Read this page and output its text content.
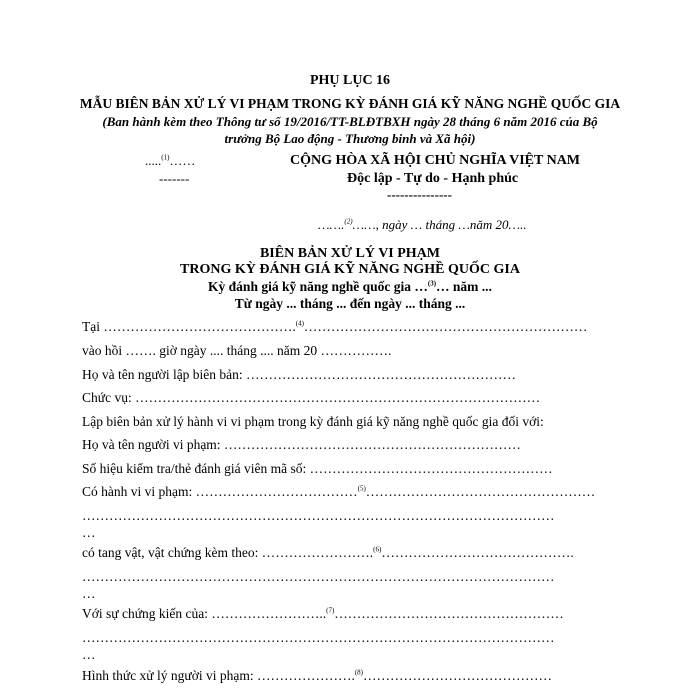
PHỤ LỤC 16
MẪU BIÊN BẢN XỬ LÝ VI PHẠM TRONG KỲ ĐÁNH GIÁ KỸ NĂNG NGHỀ QUỐC GIA
(Ban hành kèm theo Thông tư số 19/2016/TT-BLĐTBXH ngày 28 tháng 6 năm 2016 của Bộ
trưởng Bộ Lao động - Thương binh và Xã hội)
.....$^{(1)}$……
-------
CỘNG HÒA XÃ HỘI CHỦ NGHĨA VIỆT NAM
Độc lập - Tự do - Hạnh phúc
---------------
…….$^{(2)}$……, ngày … tháng …năm 20…..
BIÊN BẢN XỬ LÝ VI PHẠM
TRONG KỲ ĐÁNH GIÁ KỸ NĂNG NGHỀ QUỐC GIA
Kỳ đánh giá kỹ năng nghề quốc gia …$^{(3)}$… năm ...
Từ ngày ... tháng ... đến ngày ... tháng ...
Tại …………………………………….$^{(4)}$………………………………………………………
vào hồi ……. giờ ngày .... tháng .... năm 20 …………….
Họ và tên người lập biên bản: ……………………………………………………
Chức vụ: ………………………………………………………………………………
Lập biên bản xử lý hành vi vi phạm trong kỳ đánh giá kỹ năng nghề quốc gia đối với:
Họ và tên người vi phạm: …………………………………………………………
Số hiệu kiểm tra/thẻ đánh giá viên mã số: ………………………………………………
Có hành vi vi phạm: ………………………………$^{(5)}$……………………………………………
……………………………………………………………………………………………
…
có tang vật, vật chứng kèm theo: …………………….$^{(6)}$…………………………………….
……………………………………………………………………………………………
…
Với sự chứng kiến của: ……………………..$^{(7)}$……………………………………………
……………………………………………………………………………………………
…
Hình thức xử lý người vi phạm: ………………….$^{(8)}$……………………………………
